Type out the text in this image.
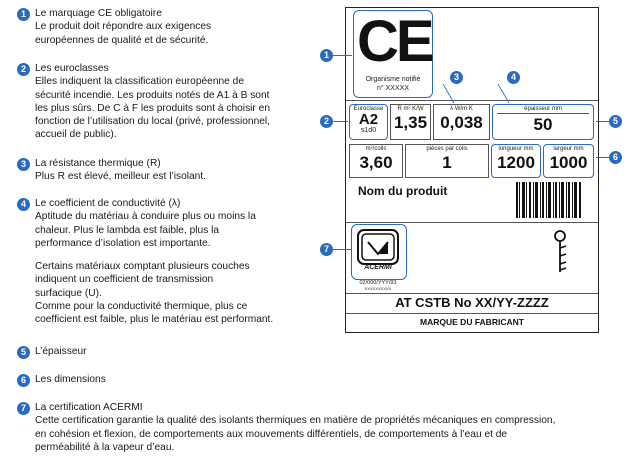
1 Le marquage CE obligatoire
Le produit doit répondre aux exigences
européennes de qualité et de sécurité.
2 Les euroclasses
Elles indiquent la classification européenne de
sécurité incendie. Les produits notés de A1 à B sont
les plus sûrs. De C à F les produits sont à choisir en
fonction de l’utilisation du local (privé, professionnel,
accueil de public).
3 La résistance thermique (R)
Plus R est élevé, meilleur est l’isolant.
4 Le coefficient de conductivité (λ)
Aptitude du matériau à conduire plus ou moins la
chaleur. Plus le lambda est faible, plus la
performance d’isolation est importante.
Certains matériaux comptant plusieurs couches
indiquent un coefficient de transmission
surfacique (U).
Comme pour la conductivité thermique, plus ce
coefficient est faible, plus le matériau est performant.
5 L’épaisseur
6 Les dimensions
7 La certification ACERMI
Cette certification garantie la qualité des isolants thermiques en matière de propriétés mécaniques en compression,
en cohésion et flexion, de comportements aux mouvements différentiels, de comportements à l’eau et de
perméabilité à la vapeur d’eau.
CE
Organisme notifié
n° XXXXX
Euroclasse
A2
s1d0
R m² K/W
1,35
λ W/m K
0,038
épaisseur mm
50
m²/colis
3,60
pièces par colis
1
longueur mm
1200
largeur mm
1000
Nom du produit
ACERMI
02/000/YYY/93
XXXXXXXXXX
AT CSTB No XX/YY-ZZZZ
MARQUE DU FABRICANT
1
2
3	4
5
6
7
